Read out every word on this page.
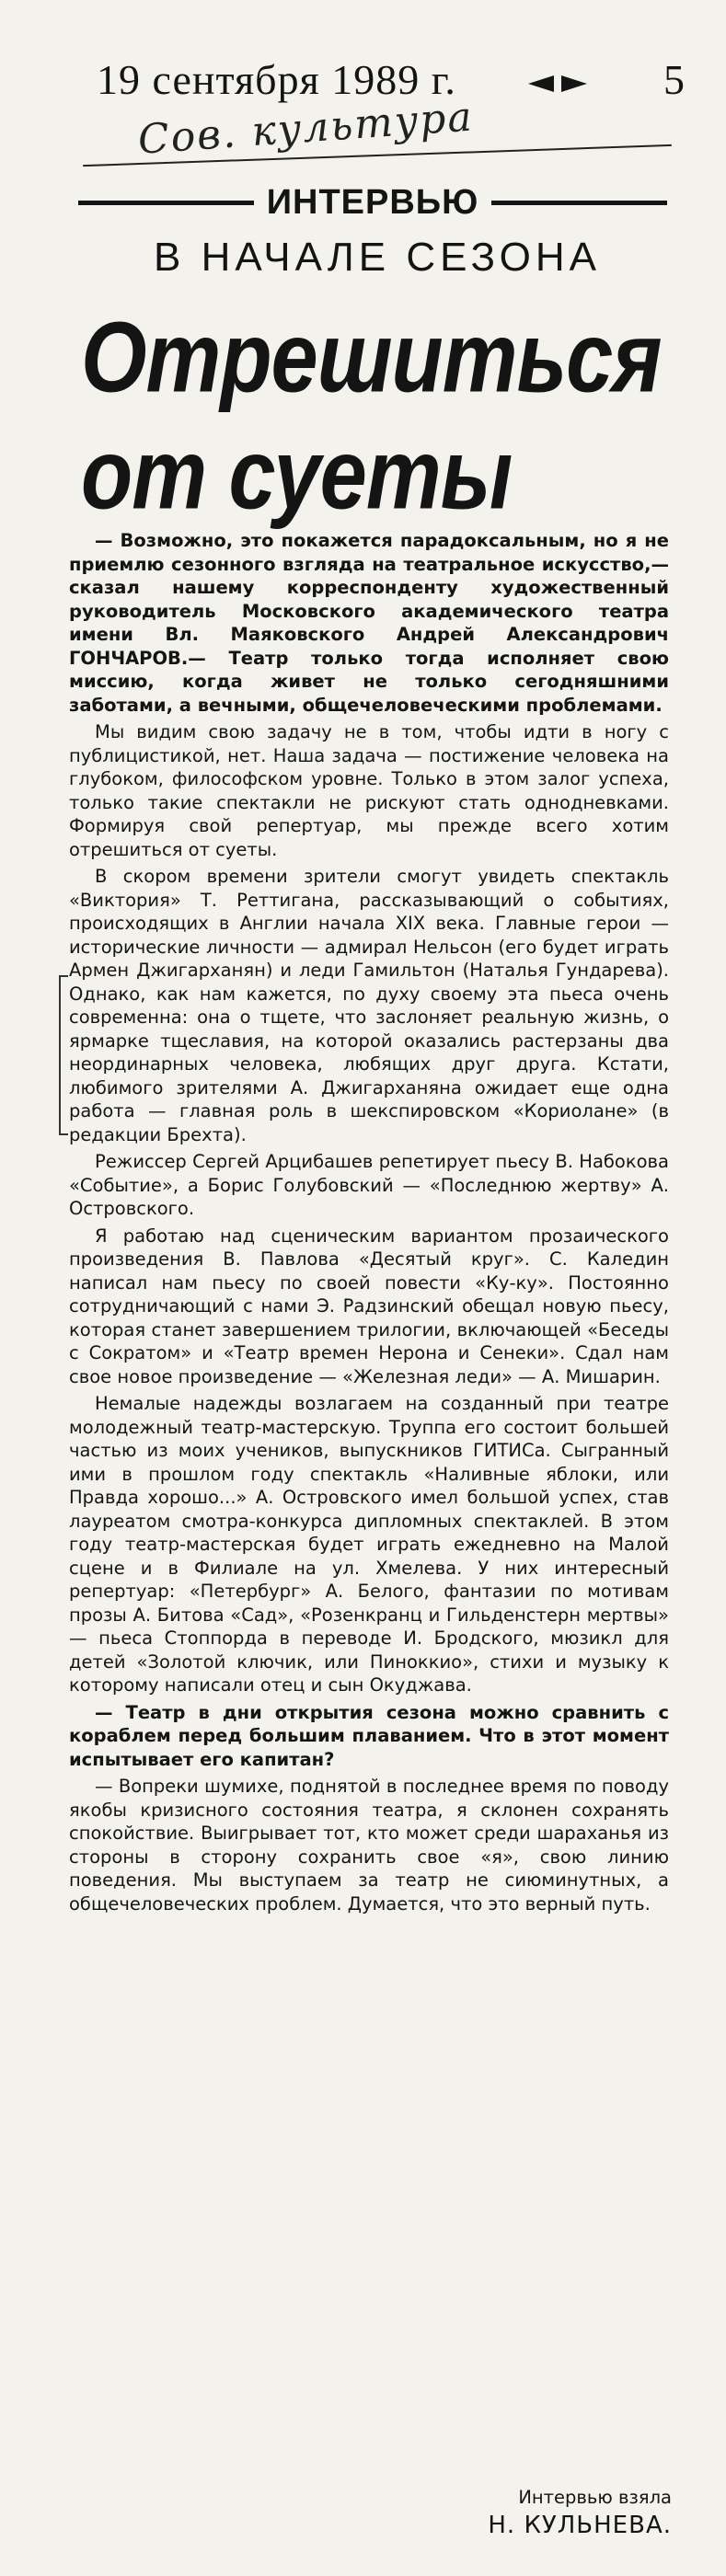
19 сентября 1989 г.	5
Сов. культура
ИНТЕРВЬЮ
В НАЧАЛЕ СЕЗОНА
Отрешиться
от суеты

— Возможно, это покажется парадоксальным, но я не приемлю сезонного взгляда на театральное искусство,— сказал нашему корреспонденту художественный руководитель Московского академического театра имени Вл. Маяковского Андрей Александрович ГОНЧАРОВ.— Театр только тогда исполняет свою миссию, когда живет не только сегодняшними заботами, а вечными, общечеловеческими проблемами.

Мы видим свою задачу не в том, чтобы идти в ногу с публицистикой, нет. Наша задача — постижение человека на глубоком, философском уровне. Только в этом залог успеха, только такие спектакли не рискуют стать однодневками. Формируя свой репертуар, мы прежде всего хотим отрешиться от суеты.

В скором времени зрители смогут увидеть спектакль «Виктория» Т. Реттигана, рассказывающий о событиях, происходящих в Англии начала XIX века. Главные герои — исторические личности — адмирал Нельсон (его будет играть Армен Джигарханян) и леди Гамильтон (Наталья Гундарева). Однако, как нам кажется, по духу своему эта пьеса очень современна: она о тщете, что заслоняет реальную жизнь, о ярмарке тщеславия, на которой оказались растерзаны два неординарных человека, любящих друг друга. Кстати, любимого зрителями А. Джигарханяна ожидает еще одна работа — главная роль в шекспировском «Кориолане» (в редакции Брехта).

Режиссер Сергей Арцибашев репетирует пьесу В. Набокова «Событие», а Борис Голубовский — «Последнюю жертву» А. Островского.

Я работаю над сценическим вариантом прозаического произведения В. Павлова «Десятый круг». С. Каледин написал нам пьесу по своей повести «Ку-ку». Постоянно сотрудничающий с нами Э. Радзинский обещал новую пьесу, которая станет завершением трилогии, включающей «Беседы с Сократом» и «Театр времен Нерона и Сенеки». Сдал нам свое новое произведение — «Железная леди» — А. Мишарин.

Немалые надежды возлагаем на созданный при театре молодежный театр-мастерскую. Труппа его состоит большей частью из моих учеников, выпускников ГИТИСа. Сыгранный ими в прошлом году спектакль «Наливные яблоки, или Правда хорошо...» А. Островского имел большой успех, став лауреатом смотра-конкурса дипломных спектаклей. В этом году театр-мастерская будет играть ежедневно на Малой сцене и в Филиале на ул. Хмелева. У них интересный репертуар: «Петербург» А. Белого, фантазии по мотивам прозы А. Битова «Сад», «Розенкранц и Гильденстерн мертвы» — пьеса Стоппорда в переводе И. Бродского, мюзикл для детей «Золотой ключик, или Пиноккио», стихи и музыку к которому написали отец и сын Окуджава.

— Театр в дни открытия сезона можно сравнить с кораблем перед большим плаванием. Что в этот момент испытывает его капитан?

— Вопреки шумихе, поднятой в последнее время по поводу якобы кризисного состояния театра, я склонен сохранять спокойствие. Выигрывает тот, кто может среди шараханья из стороны в сторону сохранить свое «я», свою линию поведения. Мы выступаем за театр не сиюминутных, а общечеловеческих проблем. Думается, что это верный путь.

Интервью взяла
Н. КУЛЬНЕВА.
